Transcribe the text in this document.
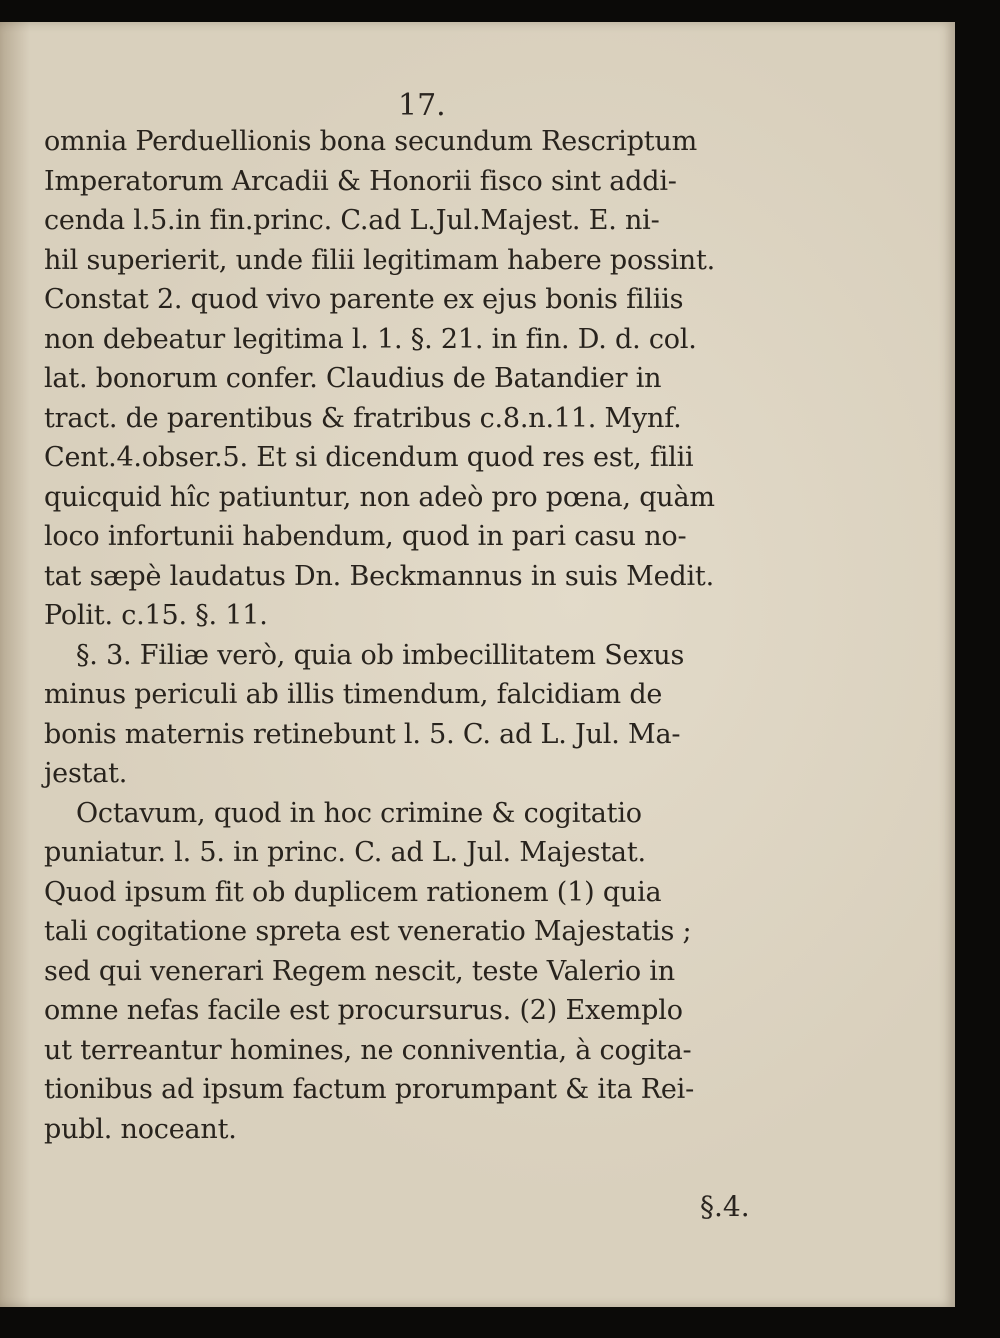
17.
omnia Perduellionis bona secundum Rescriptum
Imperatorum Arcadii & Honorii fisco sint addi-
cenda l.5.in fin.princ. C.ad L.Jul.Majest. E. ni-
hil superierit, unde filii legitimam habere possint.
Constat 2. quod vivo parente ex ejus bonis filiis
non debeatur legitima l. 1. §. 21. in fin. D. d. col.
lat. bonorum confer. Claudius de Batandier in
tract. de parentibus & fratribus c.8.n.11. Mynf.
Cent.4.obser.5. Et si dicendum quod res est, filii
quicquid hîc patiuntur, non adeò pro pœna, quàm
loco infortunii habendum, quod in pari casu no-
tat sæpè laudatus Dn. Beckmannus in suis Medit.
Polit. c.15. §. 11.
§. 3. Filiæ verò, quia ob imbecillitatem Sexus
minus periculi ab illis timendum, falcidiam de
bonis maternis retinebunt l. 5. C. ad L. Jul. Ma-
jestat.
Octavum, quod in hoc crimine & cogitatio
puniatur. l. 5. in princ. C. ad L. Jul. Majestat.
Quod ipsum fit ob duplicem rationem (1) quia
tali cogitatione spreta est veneratio Majestatis ;
sed qui venerari Regem nescit, teste Valerio in
omne nefas facile est procursurus. (2) Exemplo
ut terreantur homines, ne conniventia, à cogita-
tionibus ad ipsum factum prorumpant & ita Rei-
publ. noceant.
§.4.
